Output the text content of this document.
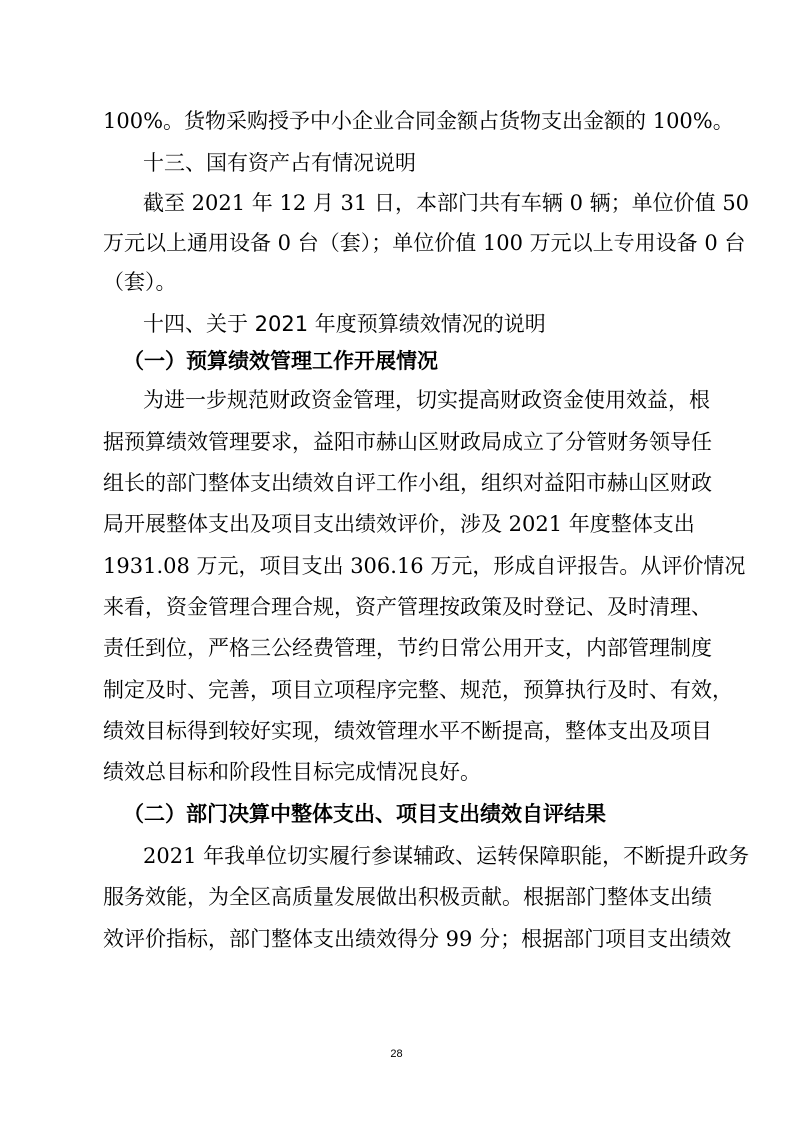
100%。货物采购授予中小企业合同金额占货物支出金额的 100%。
十三、国有资产占有情况说明
截至 2021 年 12 月 31 日，本部门共有车辆 0 辆；单位价值 50
万元以上通用设备 0 台（套）；单位价值 100 万元以上专用设备 0 台
（套）。
十四、关于 2021 年度预算绩效情况的说明
（一）预算绩效管理工作开展情况
为进一步规范财政资金管理，切实提高财政资金使用效益，根
据预算绩效管理要求，益阳市赫山区财政局成立了分管财务领导任
组长的部门整体支出绩效自评工作小组，组织对益阳市赫山区财政
局开展整体支出及项目支出绩效评价，涉及 2021 年度整体支出
1931.08 万元，项目支出 306.16 万元，形成自评报告。从评价情况
来看，资金管理合理合规，资产管理按政策及时登记、及时清理、
责任到位，严格三公经费管理，节约日常公用开支，内部管理制度
制定及时、完善，项目立项程序完整、规范，预算执行及时、有效，
绩效目标得到较好实现，绩效管理水平不断提高，整体支出及项目
绩效总目标和阶段性目标完成情况良好。
（二）部门决算中整体支出、项目支出绩效自评结果
2021 年我单位切实履行参谋辅政、运转保障职能，不断提升政务
服务效能，为全区高质量发展做出积极贡献。根据部门整体支出绩
效评价指标，部门整体支出绩效得分 99 分；根据部门项目支出绩效
28
